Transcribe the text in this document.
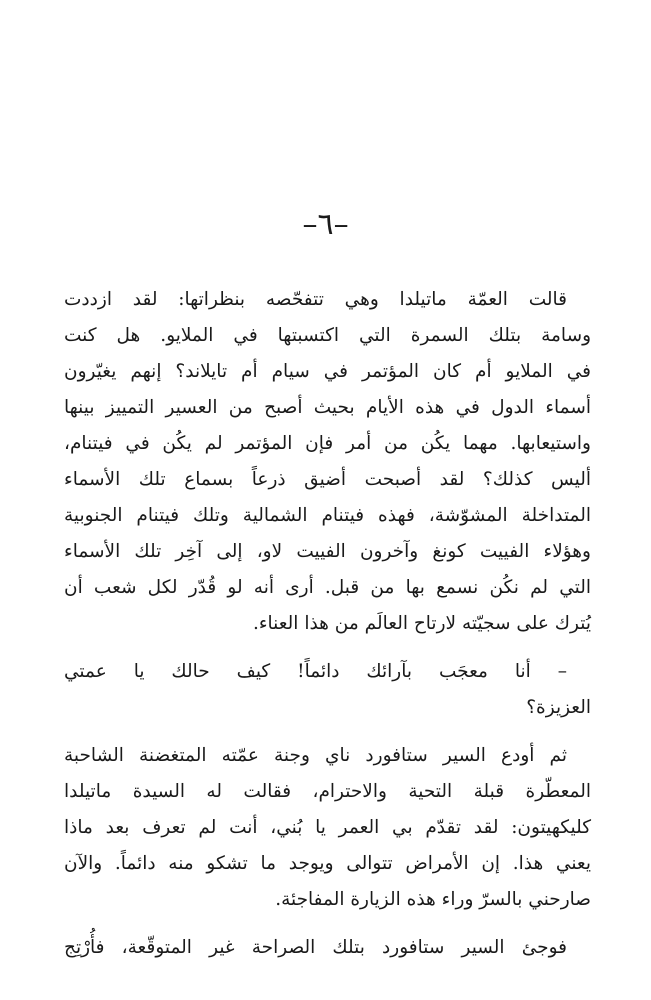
–٦–
قالت العمّة ماتيلدا وهي تتفحّصه بنظراتها: لقد ازددت
وسامة بتلك السمرة التي اكتسبتها في الملايو. هل كنت
في الملايو أم كان المؤتمر في سيام أم تايلاند؟ إنهم يغيّرون
أسماء الدول في هذه الأيام بحيث أصبح من العسير التمييز بينها
واستيعابها. مهما يكُن من أمر فإن المؤتمر لم يكُن في فيتنام،
أليس كذلك؟ لقد أصبحت أضيق ذرعاً بسماع تلك الأسماء
المتداخلة المشوّشة، فهذه فيتنام الشمالية وتلك فيتنام الجنوبية
وهؤلاء الفييت كونغ وآخرون الفييت لاو، إلى آخِر تلك الأسماء
التي لم نكُن نسمع بها من قبل. أرى أنه لو قُدّر لكل شعب أن
يُترك على سجيّته لارتاح العالَم من هذا العناء.
– أنا معجَب بآرائك دائماً! كيف حالك يا عمتي
العزيزة؟
ثم أودع السير ستافورد ناي وجنة عمّته المتغضنة الشاحبة
المعطّرة قبلة التحية والاحترام، فقالت له السيدة ماتيلدا
كليكهيتون: لقد تقدّم بي العمر يا بُني، أنت لم تعرف بعد ماذا
يعني هذا. إن الأمراض تتوالى ويوجد ما تشكو منه دائماً. والآن
صارحني بالسرّ وراء هذه الزيارة المفاجئة.
فوجئ السير ستافورد بتلك الصراحة غير المتوقّعة، فأُرْتِج
